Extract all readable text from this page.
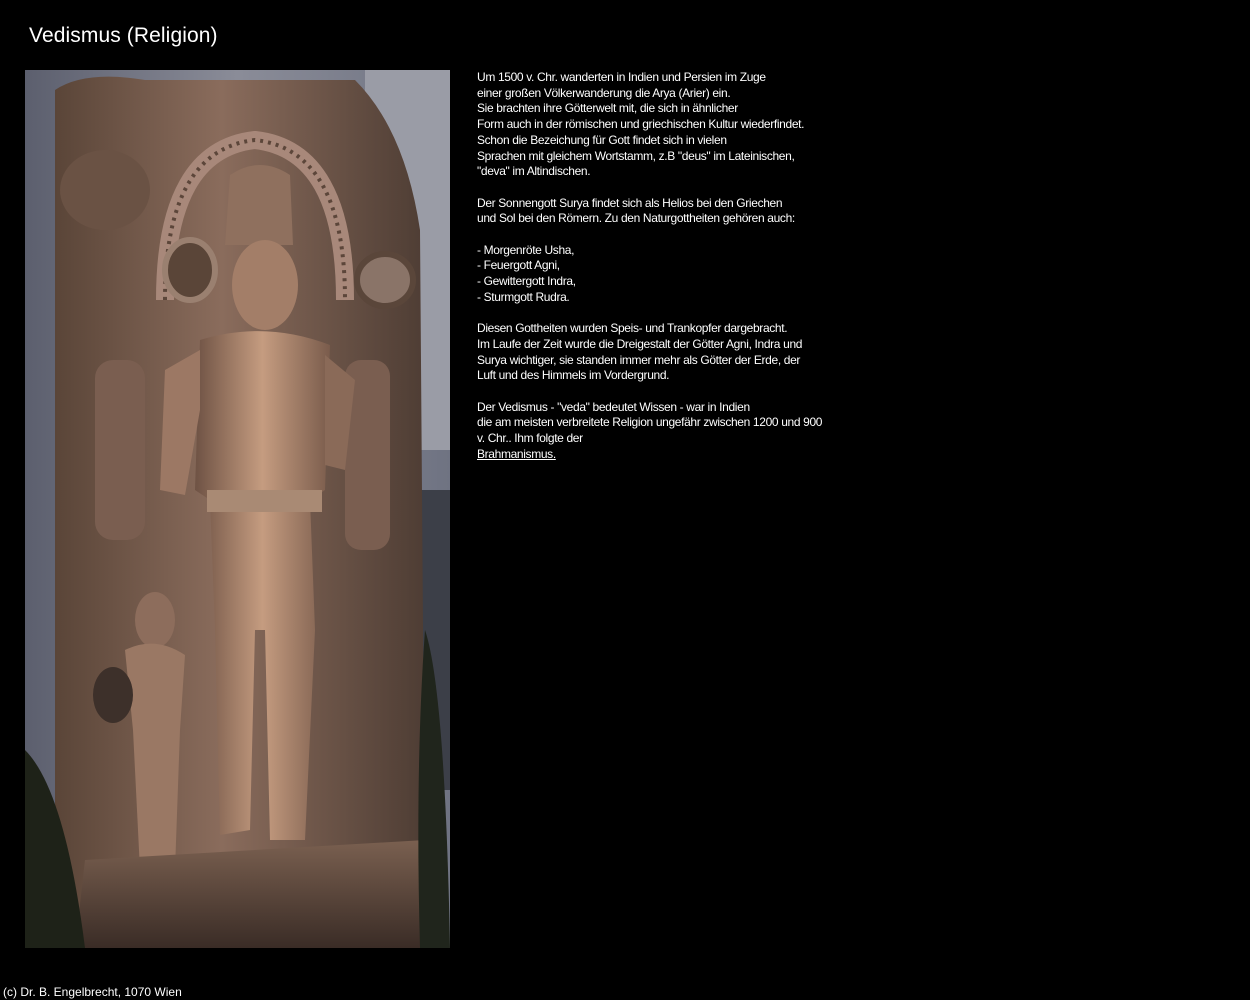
Vedismus (Religion)
Um 1500 v. Chr. wanderten in Indien und Persien im Zuge
einer großen Völkerwanderung die Arya (Arier) ein.
Sie brachten ihre Götterwelt mit, die sich in ähnlicher
Form auch in der römischen und griechischen Kultur wiederfindet.
Schon die Bezeichung für Gott findet sich in vielen
Sprachen mit gleichem Wortstamm, z.B "deus" im Lateinischen,
"deva" im Altindischen.
Der Sonnengott Surya findet sich als Helios bei den Griechen
und Sol bei den Römern. Zu den Naturgottheiten gehören auch:
- Morgenröte Usha,
- Feuergott Agni,
- Gewittergott Indra,
- Sturmgott Rudra.
Diesen Gottheiten wurden Speis- und Trankopfer dargebracht.
Im Laufe der Zeit wurde die Dreigestalt der Götter Agni, Indra und
Surya wichtiger, sie standen immer mehr als Götter der Erde, der
Luft und des Himmels im Vordergrund.
Der Vedismus - "veda" bedeutet Wissen - war in Indien
die am meisten verbreitete Religion ungefähr zwischen 1200 und 900
v. Chr.. Ihm folgte der
Brahmanismus.
(c) Dr. B. Engelbrecht, 1070 Wien
